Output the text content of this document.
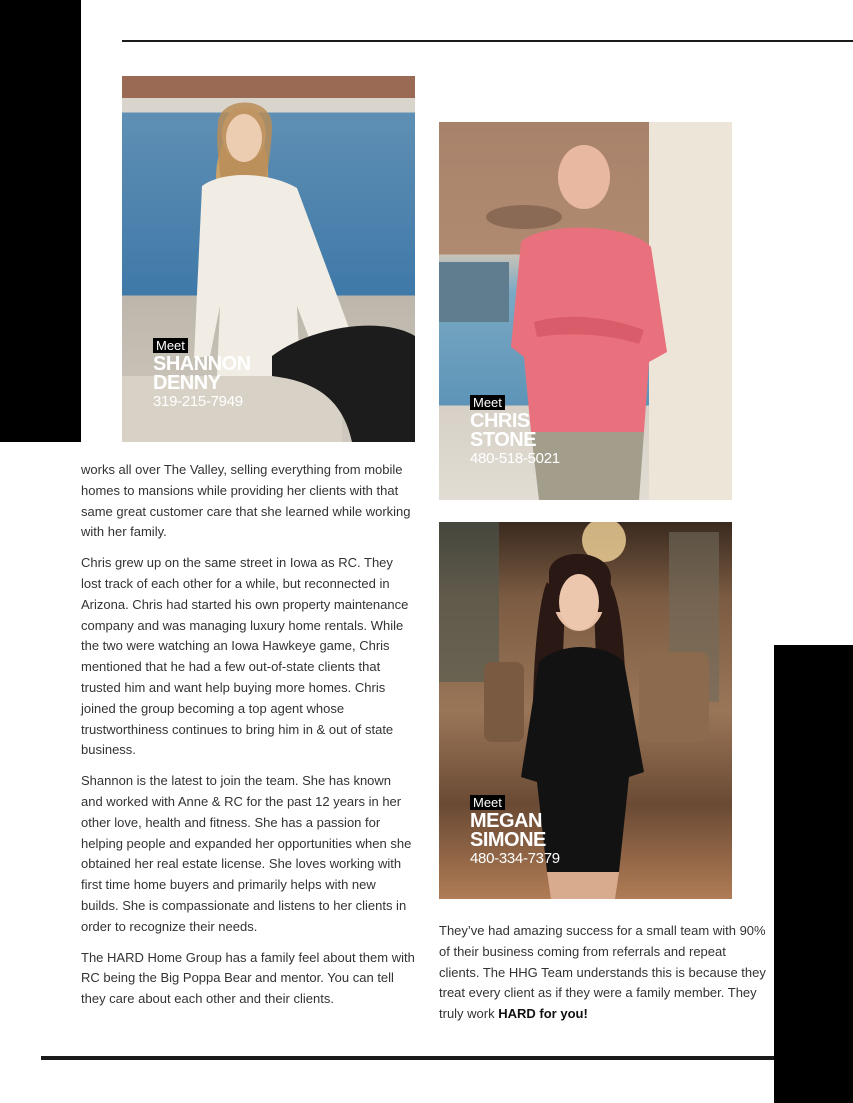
Meet
SHANNON
DENNY
319-215-7949	Meet
CHRIS
STONE
480-518-5021
Meet
MEGAN
SIMONE
480-334-7379

works all over The Valley, selling everything from mobile homes to mansions while providing her clients with that same great customer care that she learned while working with her family.

Chris grew up on the same street in Iowa as RC. They lost track of each other for a while, but reconnected in Arizona. Chris had started his own property maintenance company and was managing luxury home rentals. While the two were watching an Iowa Hawkeye game, Chris mentioned that he had a few out-of-state clients that trusted him and want help buying more homes. Chris joined the group becoming a top agent whose trustworthiness continues to bring him in & out of state business.

Shannon is the latest to join the team. She has known and worked with Anne & RC for the past 12 years in her other love, health and fitness. She has a passion for helping people and expanded her opportunities when she obtained her real estate license. She loves working with first time home buyers and primarily helps with new builds. She is compassionate and listens to her clients in order to recognize their needs.

The HARD Home Group has a family feel about them with RC being the Big Poppa Bear and mentor. You can tell they care about each other and their clients.

They’ve had amazing success for a small team with 90% of their business coming from referrals and repeat clients. The HHG Team understands this is because they treat every client as if they were a family member. They truly work HARD for you!
